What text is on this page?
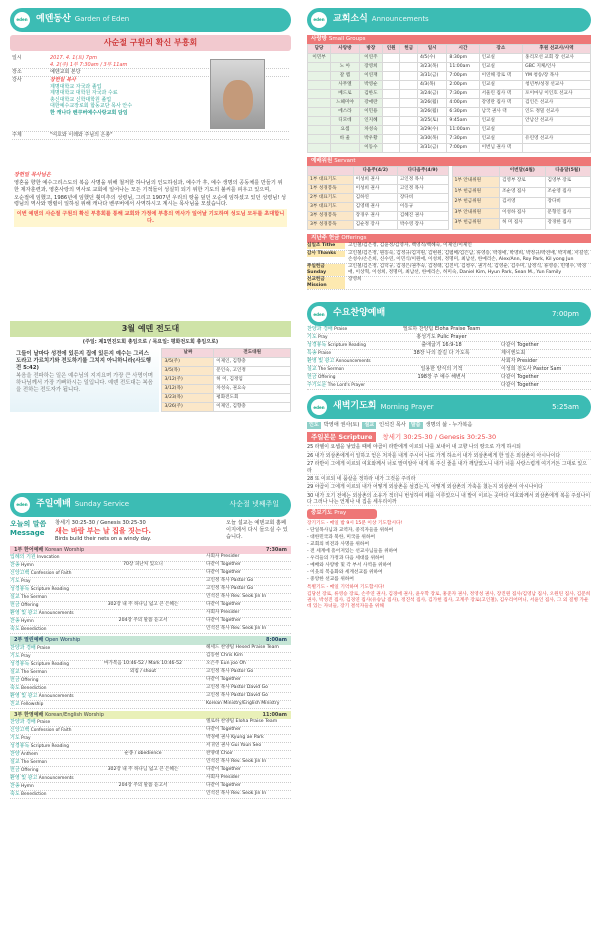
eden 예덴동산 Garden of Eden
사순절 구원의 확신 부흥회
일시	2017. 4. 1(토) 7pm
4. 2(주) 1부 7:30am / 3부 11am
장소	예덴교회 본당
강사	장헌일 목사
제명대학교 자국과 졸업
제명대학교 대학원 자국과 수료
총신대학교 신학대학원 졸업
대한예수교장로회 합동교단 목사 안수
한 캐나다 벤쿠버예수사랑교회 담임
주제	"여호와 이레와 주님의 은총"

장헌일 목사님은

영혼을 향한 예수그리스도의 복음 사명을 위해 철저한 하나님의 인도하심과, 예수가 후, 예수 생명의 공동체를 만들기 위한 제자훈련과, 영혼사랑의 역사로 교회에 일어나는 모든 기적들이 성실히 되기 위한 기도의 불씨를 피우고 있으며,

오순절에 임했고, 1986년에 임했던 휫미추의 성령님, 그리고 1907년 우리의 땅을 덮던 오순에 임하셨고 있던 성령님! 성령님의 역사와 맹렬이 일하심 위해 캐나다 벤쿠버에서 사역하시고 계시는 목사님을 모셨습니다.

이번 예덴의 사순절 구원의 확신 부흥회를 통해 교회와 가정에 부흥의 역사가 일어날 기도하며 성도님 모두를 초대합니다.

3월 예덴 전도대
(주일: 제1연진도회 총임으로 / 목요일: 평화전도회 총임으로)

그들이 날마다 성전에 있든지 집에 있든지 예수는 그리스도라고 가르치기와 전도하기를 그치지 아니하니라(사도행전 5:42)

복음을 전파하는 일은 예수님의 지지요며 가장 큰 사명이며 하나님께서 가장 기뻐하시는 일입니다. 예덴 전도대는 복음을 전하는 전도자가 됩니다.

날짜	전도대원
3/5(주)	이제인, 김향충
3/5(목)	문인숙, 고인정
3/12(주)	허 이, 김정임
3/12(목)	차성숙, 권요숙
3/23(목)	평화전도회
3/26(주)	이제인, 김향충
eden 주일예배 Sunday Service	사순절 넷째주일
오늘의 말씀
Message
창세기 30:25-30 / Genesis 30:25-30
새는 바람 부는 날 집을 짓는다.
Birds build their nets on a windy day.
오늘 설교는 예덴교회 홈페이지에서 다시 들으실 수 있습니다.
1부 한어예배 Korean Worship	7:30am
입례의 기원 Invocation	사회자 Presider
찬송 Hymn	70장 피난처 있으니	다같이 Together
신앙고백 Confession of Faith	다같이 Together
기도 Pray	고인정 목사 Pastor Go
성경봉독 Scripture Reading	고인정 목사 Pastor Go
설교 The Sermon	인석진 목사 Rev. Seok Jin In
헌금 Offering	302장 내 주 하나님 넓고 큰 은혜는	다같이 Together
환영 및 광고 Announcements	사회자 Presider
찬송 Hymn	204장 주의 말씀 듣고서	다같이 Together
축도 Benediction	인석진 목사 Rev. Seok Jin In
2부 열린예배 Open Worship	8:00am
찬양과 경배 Praise	헤세드 찬양팀 Hesed Praise Team
기도 Pray	김동현 Chris Kim
성경봉독 Scripture Reading	마가복음 10:46-52 / Mark 10:46-52	오은주 Eun joo Oh
설교 The Sermon	외침 / shout	고인정 목사 Pastor Go
헌금 Offering	다같이 Together
축도 Benediction	고인정 목사 Pastor David Go
환영 및 광고 Announcements	고인정 목사 Pastor David Go
친교 Fellowship	Korean Ministry/English Ministry
3부 한영예배 Korean/English Worship	11:00am
찬양과 경배 Praise	엘로하 찬양팀 Eloha Praise Team
신앙고백 Confession of Faith	다같이 Together
기도 Pray	박경애 권사 Kyung ae Park
성경봉독 Scripture Reading	서귀연 권사 Gui Youn Seo
찬양 Anthem	순종 / obedience	찬양대 Choir
설교 The Sermon	인석진 목사 Rev. Seok Jin In
헌금 Offering	302장 내 주 하나님 넓고 큰 은혜는	다같이 Together
환영 및 광고 Announcements	사회자 Presider
찬송 Hymn	204장 주의 말씀 듣고서	다같이 Together
축도 Benediction	인석진 목사 Rev. Seok Jin In
eden 교회소식 Announcements
사랑방 Small Groups
담당	사랑방	방장	인원	헌금	일시	시간	장소	후원 선교사/사역
이민부		이연주			4/5(수)	8:30pm	인교실	홍리모선 교회 장 선교사
	노 아	장영희			3/23(목)	11:00am	인교실	GBC 지체/인사
	갈 렙	이연재			3/31(금)	7:00pm	이연해 장로 댁	YM 청송/장 목사
	사무엘	박영순			4/3(목)	2:00pm	인교실	청년부/성경 선교사
	베드로	김한도			3/24(금)	7:30pm	서울린 집사 댁	포이마닝 이인호 선교사
	느헤미야	강애란			3/26(월)	4:00pm	강영란 집사 댁	김인은 선교사
	에스라	이민용			3/26(월)	6:30pm	남국 권사 댁	인도 정밀 선교사
	디모데	인지혜			3/25(토)	9:45am	인교실	안남산 선교사
	요셉	차성숙			3/29(수)	11:00am	인교실	
	바 울	박우황			3/30(목)	7:30pm	인교실	유린영 선교사
		이동수			3/31(금)	7:00pm	이번님 권사 댁	
예배위원 Servant
	다음주(4/2)	다다음주(4/9)
1부 대표기도	이성희 권사	고인정 목사
1부 성경봉독	이성희 권사	고인정 목사
2부 대표기도	김하연	장다비
3부 대표기도	김영태 권사	이동규
3부 성경봉독	장경우 권사	김혜진 권사
3부 성경봉독	김순정 장사	박수영 장사
	이번달(4월)	다음달(5월)
1부 안내위원	김영부 장로	김영부 장로
1부 헌금위원	조순영 집사	조순영 집사
2부 헌금위원	김서영	장다비
3부 안내위원	이성하 집사	문형인 집사
3부 헌금위원	허 미 집사	강경한 집사
지난주 헌금 Offerings
십일조 Tithe	고인철/김은정, 김윤정/김영자, 백영직/백혜숙, 이제인/이제인
감사 Thanks	고인철/김은정, 원동숙, 김정규/김지원, 김현원, 김범배/김은남, 류영승, 박경애, 박영희, 박정규/박선애, 박지혜, 서길연, 손성수/손은희, 신수연, 이민식/이원애, 이성희, 정명미, 최남선, 한예리손, Alex/Ann, Roy Park, Kil yong Jun
주일헌금 Sunday
고인철/김은정, 김덕규, 김경은/권추숙, 김정태, 김진이, 김청우, 권기석, 김영순, 김수미, 남정식, 류영승, 민명수, 박경애, 이상혁, 이성희, 정명미, 최남선, 한예리손, 허미숙, Daniel Kim, Hyun Park, Sean M., Yun Family
선교헌금 Mission
장영희
eden 수요찬양예배	7:00pm
찬양과 경배 Praise	엘로하 찬양팀 Eloha Praise Team
기도 Pray	홍성기도 Pulic Prayer
성경봉독 Scripture Reading	출애굽기 16:9-18	다같이 Together
특송 Praise	38장 나의 갈길 다 가도록	제이엔도최
환영 및 광고 Announcements	사회자 Presider
설교 The Sermon	일용한 양식의 기적	이성희 전도사 Pastor Sam
헌금 Offering	198장 주 예수 해변서	다같이 Together
주기도문 The Lord's Prayer	다같이 Together
eden 새벽기도회 Morning Prayer	5:25am
인도 박영애 권사(토)	설교 인석진 목사	말씀 생명의 삶 - 누가복음
주일본문 Scripture	창세기 30:25-30 / Genesis 30:25-30

25 라헬이 요셉을 낳았을 때에 야곱이 라반에게 이르되 나를 보내어 내 고향 나의 땅으로 가게 하시되

26 내가 외삼촌에게서 일하고 얻은 처자를 내게 주시어 나로 가게 하소서 내가 외삼촌에게 한 일은 외삼촌이 아시나이다

27 라반이 그에게 이르되 여호와께서 너로 말미암아 내게 복 주신 줄을 내가 깨달았노니 내가 너를 사랑스럽게 여기거든 그대로 있으라

28 또 이르되 네 품삯을 정하라 내가 그것을 주리라

29 야곱이 그에게 이르되 내가 어떻게 외삼촌을 섬겼는지, 어떻게 외삼촌의 가축을 쳤는지 외삼촌이 아시나이다

30 내가 오기 전에는 외삼촌의 소유가 적더니 번성하여 떼를 이루었으니 내 발이 이르는 곳마다 여호와께서 외삼촌에게 복을 주셨나이다 그러나 나는 언제나 내 집을 세우리이까

중보기도 Pray

장기기도 - 매일 밤 9시 15분 이상 기도합시다!

- 단일목사님과 교역자, 중직자들을 위하여

- 대한민국과 북한, 미국을 위하여

- 교회의 비전과 사명을 위하여

- 전 세계에 흩어져있는 선교사님들을 위하여

- 우리들의 가정과 다음 세대를 위하여

- 예배와 사랑방 및 각 부서 사역을 위하여

- 이웃의 복음화와 세계선교를 위하여

- 중앙한 선교를 위하여

특별기도 - 매일 기억하며 기도합시다!

김당선 장로, 류영승 장로, 손주연 권사, 김경애 권사, 윤우학 장로, 홍준자 권사, 정영성 권사, 장진원 집사/김영남 집사, 오원틴 집사, 김문희 권사, 박성진 집사, 김경연 집사(유승남 집사), 정진석 집사, 김가헌 집사, 고계주 장로(고인철), 김우리어머니, 서윤인 집사, 그 외 질병 가운데 있는 자녀들, 장기 결석자들을 위해
